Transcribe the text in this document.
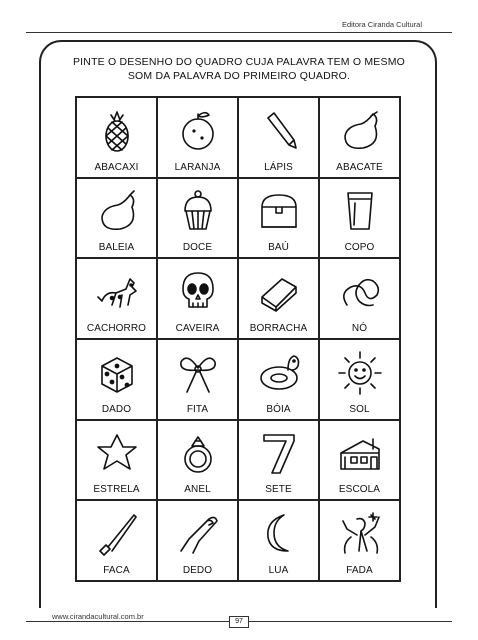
Editora Ciranda Cultural
PINTE O DESENHO DO QUADRO CUJA PALAVRA TEM O MESMO
SOM DA PALAVRA DO PRIMEIRO QUADRO.
ABACAXI	LARANJA	LÁPIS	ABACATE
BALEIA	DOCE	BAÚ	COPO
CACHORRO	CAVEIRA	BORRACHA	NÓ
DADO	FITA	BÓIA	SOL
ESTRELA	ANEL	SETE	ESCOLA
FACA	DEDO	LUA	FADA
www.cirandacultural.com.br
97
